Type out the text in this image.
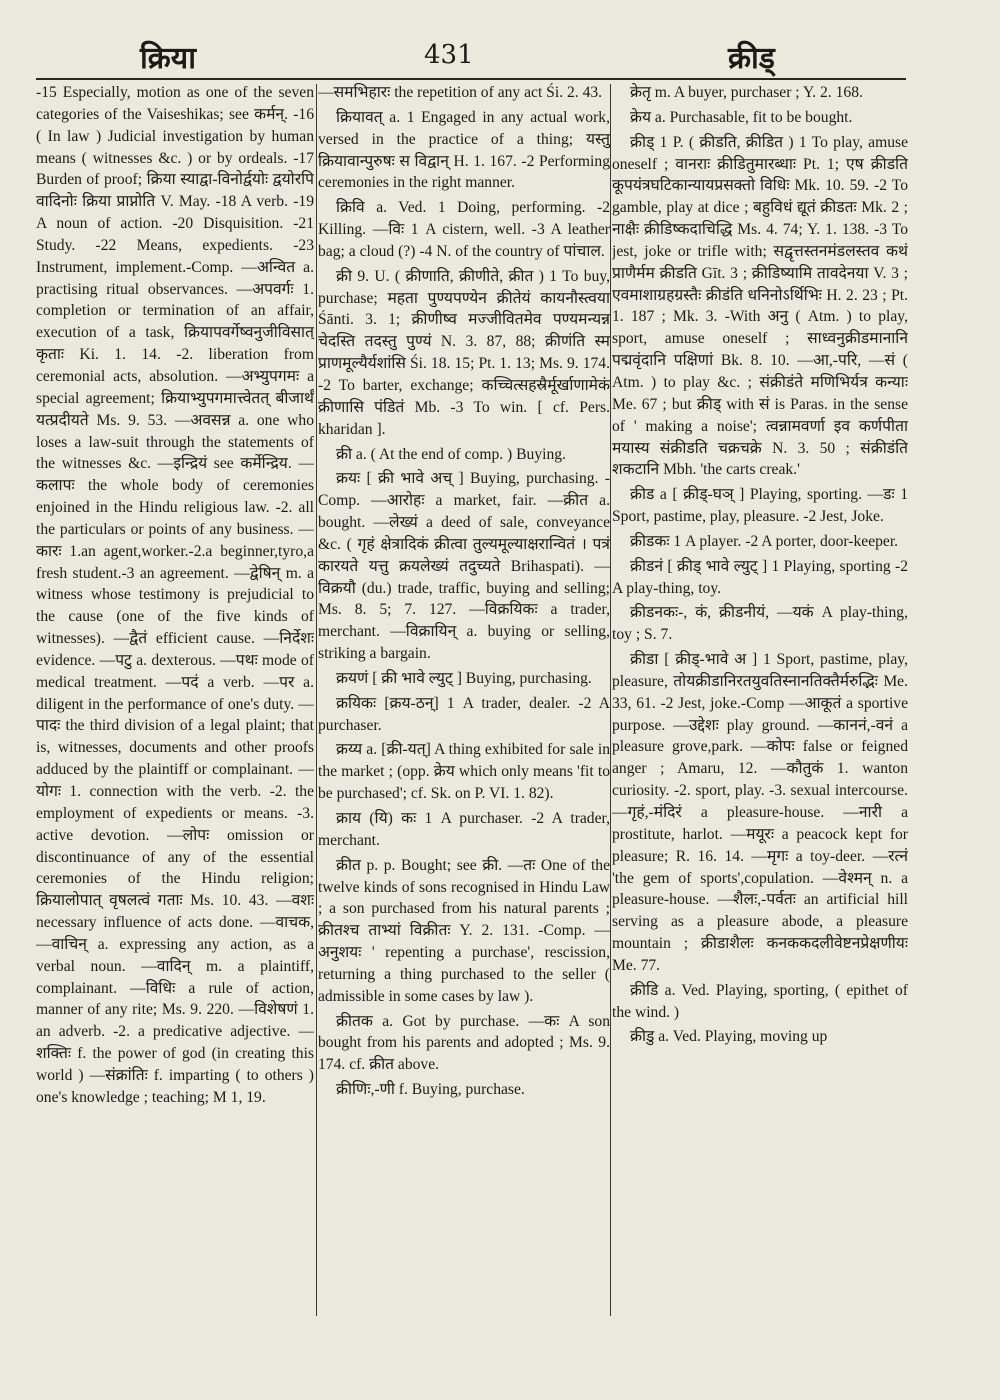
क्रिया	431	क्रीड्

-15 Especially, motion as one of the seven categories of the Vaiseshikas; see कर्मन्. -16 ( In law ) Judicial investigation by human means ( witnesses &c. ) or by ordeals. -17 Burden of proof; क्रिया स्याद्वा-विनोर्द्वयोः द्वयोरपि वादिनोः क्रिया प्राप्नोति V. May. -18 A verb. -19 A noun of action. -20 Disquisition. -21 Study. -22 Means, expedients. -23 Instrument, implement.-Comp. —अन्वित a. practising ritual observances. —अपवर्गः 1. completion or termination of an affair, execution of a task, क्रियापवर्गेष्वनुजीविसात् कृताः Ki. 1. 14. -2. liberation from ceremonial acts, absolution. —अभ्युपगमः a special agreement; क्रियाभ्युपगमात्त्वेतत् बीजार्थं यत्प्रदीयते Ms. 9. 53. —अवसन्न a. one who loses a law-suit through the statements of the witnesses &c. —इन्द्रियं see कर्मेन्द्रिय. —कलापः the whole body of ceremonies enjoined in the Hindu religious law. -2. all the particulars or points of any business. —कारः 1.an agent,worker.-2.a beginner,tyro,a fresh student.-3 an agreement. —द्वेषिन् m. a witness whose testimony is prejudicial to the cause (one of the five kinds of witnesses). —द्वैतं efficient cause. —निर्देशः evidence. —पटु a. dexterous. —पथः mode of medical treatment. —पदं a verb. —पर a. diligent in the performance of one's duty. —पादः the third division of a legal plaint; that is, witnesses, documents and other proofs adduced by the plaintiff or complainant. —योगः 1. connection with the verb. -2. the employment of expedients or means. -3. active devotion. —लोपः omission or discontinuance of any of the essential ceremonies of the Hindu religion; क्रियालोपात् वृषलत्वं गताः Ms. 10. 43. —वशः necessary influence of acts done. —वाचक, —वाचिन् a. expressing any action, as a verbal noun. —वादिन् m. a plaintiff, complainant. —विधिः a rule of action, manner of any rite; Ms. 9. 220. —विशेषणं 1. an adverb. -2. a predicative adjective. —शक्तिः f. the power of god (in creating this world ) —संक्रांतिः f. imparting ( to others ) one's knowledge ; teaching; M 1, 19.

—समभिहारः the repetition of any act Śi. 2. 43.

क्रियावत् a. 1 Engaged in any actual work, versed in the practice of a thing; यस्तु क्रियावान्पुरुषः स विद्वान् H. 1. 167. -2 Performing ceremonies in the right manner.

क्रिवि a. Ved. 1 Doing, performing. -2 Killing. —विः 1 A cistern, well. -3 A leather bag; a cloud (?) -4 N. of the country of पांचाल.

क्री 9. U. ( क्रीणाति, क्रीणीते, क्रीत ) 1 To buy, purchase; महता पुण्यपण्येन क्रीतेयं कायनौस्त्वया Śānti. 3. 1; क्रीणीष्व मज्जीवितमेव पण्यमन्यन्न चेदस्ति तदस्तु पुण्यं N. 3. 87, 88; क्रीणंति स्म प्राणमूल्यैर्यशांसि Śi. 18. 15; Pt. 1. 13; Ms. 9. 174. -2 To barter, exchange; कच्चित्सहस्रैर्मूर्खाणामेकं क्रीणासि पंडितं Mb. -3 To win. [ cf. Pers. kharidan ].

क्री a. ( At the end of comp. ) Buying.

क्रयः [ क्री भावे अच् ] Buying, purchasing. -Comp. —आरोहः a market, fair. —क्रीत a. bought. —लेख्यं a deed of sale, conveyance &c. ( गृहं क्षेत्रादिकं क्रीत्वा तुल्यमूल्याक्षरान्वितं । पत्रं कारयते यत्तु क्रयलेख्यं तदुच्यते Brihaspati). —विक्रयौ (du.) trade, traffic, buying and selling; Ms. 8. 5; 7. 127. —विक्रयिकः a trader, merchant. —विक्रायिन् a. buying or selling, striking a bargain.

क्रयणं [ क्री भावे ल्युट् ] Buying, purchasing.

क्रयिकः [क्रय-ठन्] 1 A trader, dealer. -2 A purchaser.

क्रय्य a. [क्री-यत्] A thing exhibited for sale in the market ; (opp. क्रेय which only means 'fit to be purchased'; cf. Sk. on P. VI. 1. 82).

क्राय (यि) कः 1 A purchaser. -2 A trader, merchant.

क्रीत p. p. Bought; see क्री. —तः One of the twelve kinds of sons recognised in Hindu Law ; a son purchased from his natural parents ; क्रीतश्च ताभ्यां विक्रीतः Y. 2. 131. -Comp. —अनुशयः ' repenting a purchase', rescission, returning a thing purchased to the seller ( admissible in some cases by law ).

क्रीतक a. Got by purchase. —कः A son bought from his parents and adopted ; Ms. 9. 174. cf. क्रीत above.

क्रीणिः,-णी f. Buying, purchase.

क्रेतृ m. A buyer, purchaser ; Y. 2. 168.

क्रेय a. Purchasable, fit to be bought.

क्रीड् 1 P. ( क्रीडति, क्रीडित ) 1 To play, amuse oneself ; वानराः क्रीडितुमारब्धाः Pt. 1; एष क्रीडति कूपयंत्रघटिकान्यायप्रसक्तो विधिः Mk. 10. 59. -2 To gamble, play at dice ; बहुविधं द्यूतं क्रीडतः Mk. 2 ; नाक्षैः क्रीडिष्कदाचिद्धि Ms. 4. 74; Y. 1. 138. -3 To jest, joke or trifle with; सद्वृत्तस्तनमंडलस्तव कथं प्राणैर्मम क्रीडति Gīt. 3 ; क्रीडिष्यामि तावदेनया V. 3 ; एवमाशाग्रहग्रस्तैः क्रीडंति धनिनोऽर्थिभिः H. 2. 23 ; Pt. 1. 187 ; Mk. 3. -With अनु ( Atm. ) to play, sport, amuse oneself ; साध्वनुक्रीडमानानि पद्मवृंदानि पक्षिणां Bk. 8. 10. —आ,-परि, —सं ( Atm. ) to play &c. ; संक्रीडंते मणिभिर्यत्र कन्याः Me. 67 ; but क्रीड् with सं is Paras. in the sense of ' making a noise'; त्वन्नामवर्णा इव कर्णपीता मयास्य संक्रीडति चक्रचक्रे N. 3. 50 ; संक्रीडंति शकटानि Mbh. 'the carts creak.'

क्रीड a [ क्रीड्-घञ् ] Playing, sporting. —डः 1 Sport, pastime, play, pleasure. -2 Jest, Joke.

क्रीडकः 1 A player. -2 A porter, door-keeper.

क्रीडनं [ क्रीड् भावे ल्युट् ] 1 Playing, sporting -2 A play-thing, toy.

क्रीडनकः-, कं, क्रीडनीयं, —यकं A play-thing, toy ; S. 7.

क्रीडा [ क्रीड्-भावे अ ] 1 Sport, pastime, play, pleasure, तोयक्रीडानिरतयुवतिस्नानतिक्तैर्मरुद्भिः Me. 33, 61. -2 Jest, joke.-Comp —आकूतं a sportive purpose. —उद्देशः play ground. —काननं,-वनं a pleasure grove,park. —कोपः false or feigned anger ; Amaru, 12. —कौतुकं 1. wanton curiosity. -2. sport, play. -3. sexual intercourse. —गृहं,-मंदिरं a pleasure-house. —नारी a prostitute, harlot. —मयूरः a peacock kept for pleasure; R. 16. 14. —मृगः a toy-deer. —रत्नं 'the gem of sports',copulation. —वेश्मन् n. a pleasure-house. —शैलः,-पर्वतः an artificial hill serving as a pleasure abode, a pleasure mountain ; क्रीडाशैलः कनककदलीवेष्टनप्रेक्षणीयः Me. 77.

क्रीडि a. Ved. Playing, sporting, ( epithet of the wind. )

क्रीडु a. Ved. Playing, moving up
